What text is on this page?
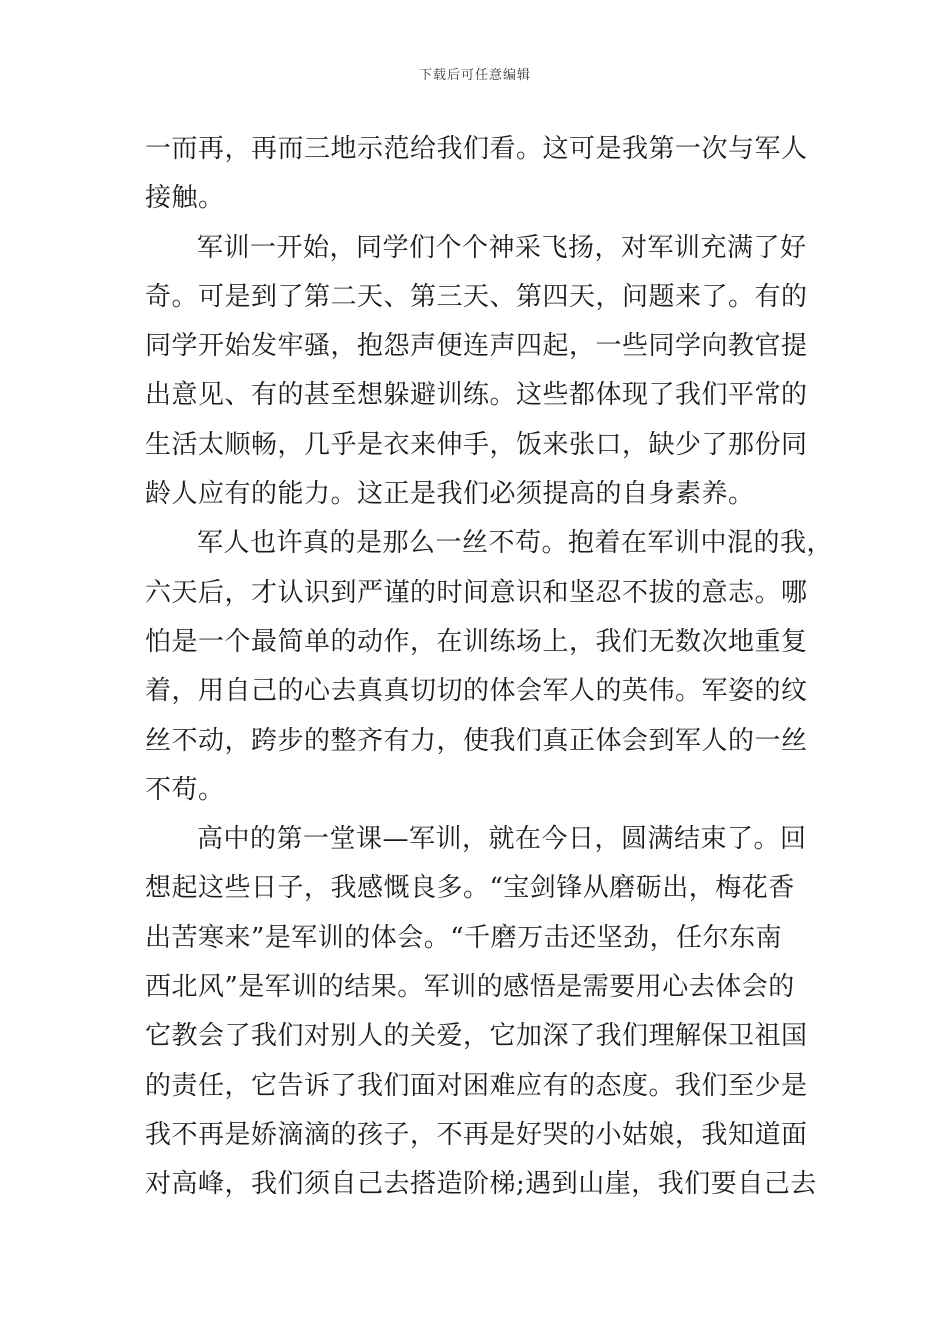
下载后可任意编辑
一而再，再而三地示范给我们看。这可是我第一次与军人
接触。
军训一开始，同学们个个神采飞扬，对军训充满了好
奇。可是到了第二天、第三天、第四天，问题来了。有的
同学开始发牢骚，抱怨声便连声四起，一些同学向教官提
出意见、有的甚至想躲避训练。这些都体现了我们平常的
生活太顺畅，几乎是衣来伸手，饭来张口，缺少了那份同
龄人应有的能力。这正是我们必须提高的自身素养。
军人也许真的是那么一丝不苟。抱着在军训中混的我，
六天后，才认识到严谨的时间意识和坚忍不拔的意志。哪
怕是一个最简单的动作，在训练场上，我们无数次地重复
着，用自己的心去真真切切的体会军人的英伟。军姿的纹
丝不动，跨步的整齐有力，使我们真正体会到军人的一丝
不苟。
高中的第一堂课—军训，就在今日，圆满结束了。回
想起这些日子，我感慨良多。“宝剑锋从磨砺出，梅花香
出苦寒来”是军训的体会。“千磨万击还坚劲，任尔东南
西北风”是军训的结果。军训的感悟是需要用心去体会的
它教会了我们对别人的关爱，它加深了我们理解保卫祖国
的责任，它告诉了我们面对困难应有的态度。我们至少是
我不再是娇滴滴的孩子，不再是好哭的小姑娘，我知道面
对高峰，我们须自己去搭造阶梯;遇到山崖，我们要自己去
